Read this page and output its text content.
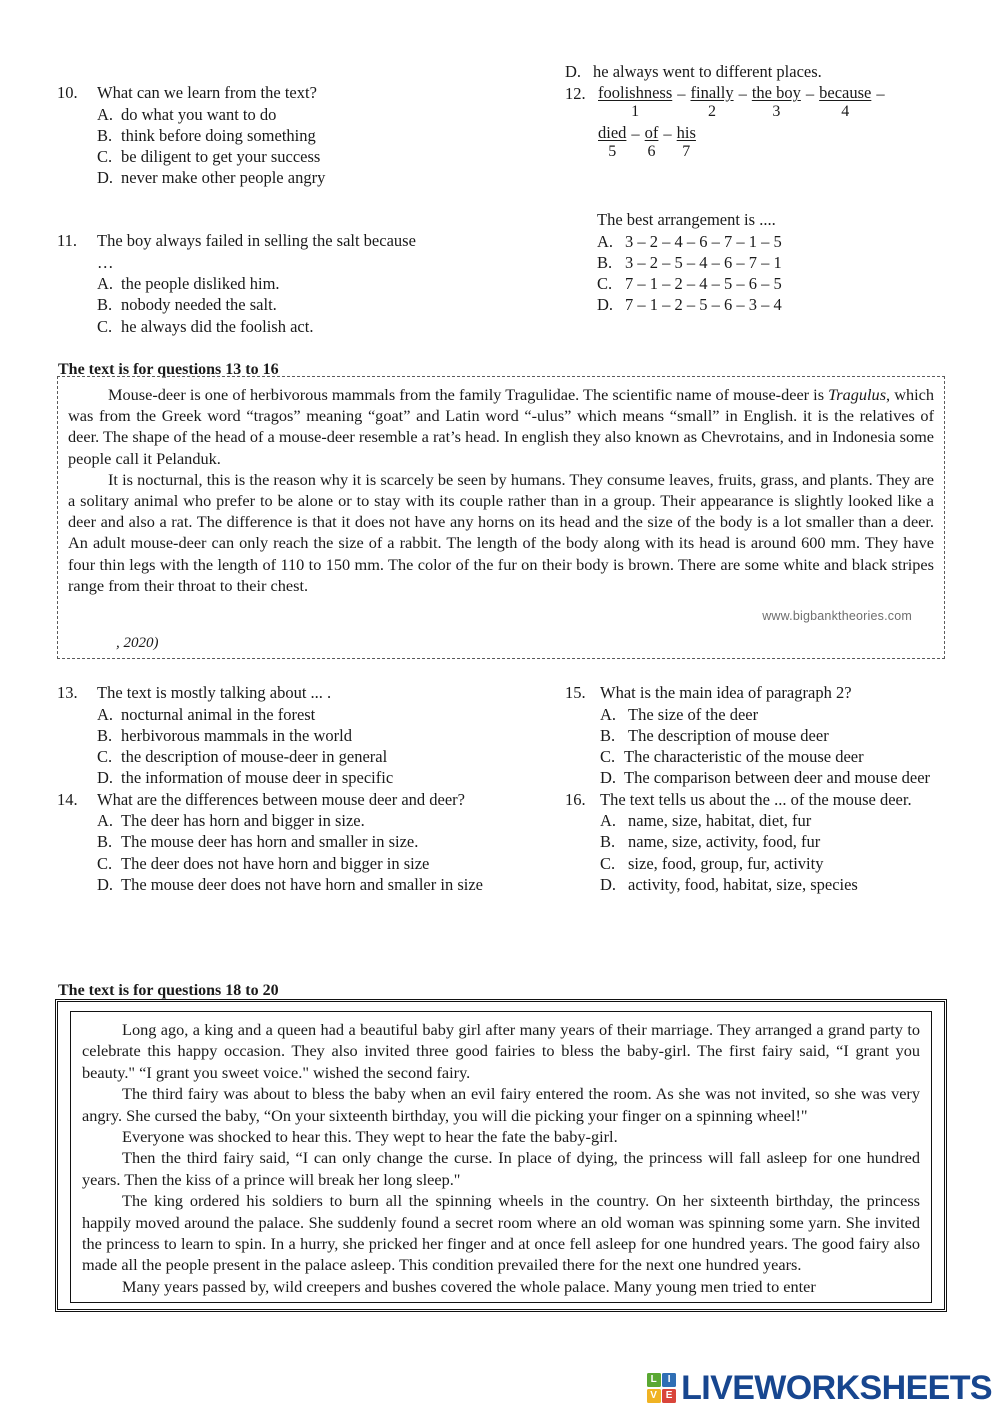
10.	What can we learn from the text?
A. do what you want to do
B. think before doing something
C. be diligent to get your success
D. never make other people angry
11.	The boy always failed in selling the salt because
…
A. the people disliked him.
B. nobody needed the salt.
C. he always did the foolish act.
D. he always went to different places.
12. foolishness
1
– finally
2
– the boy
3
– because
4
–
died
5
– of
6
– his
7
The best arrangement is ....
A. 3 – 2 – 4 – 6 – 7 – 1 – 5
B. 3 – 2 – 5 – 4 – 6 – 7 – 1
C. 7 – 1 – 2 – 4 – 5 – 6 – 5
D. 7 – 1 – 2 – 5 – 6 – 3 – 4
The text is for questions 13 to 16

Mouse-deer is one of herbivorous mammals from the family Tragulidae. The scientific name of mouse-deer is Tragulus, which was from the Greek word “tragos” meaning “goat” and Latin word “-ulus” which means “small” in English. it is the relatives of deer. The shape of the head of a mouse-deer resemble a rat’s head. In english they also known as Chevrotains, and in Indonesia some people call it Pelanduk.

It is nocturnal, this is the reason why it is scarcely be seen by humans. They consume leaves, fruits, grass, and plants. They are a solitary animal who prefer to be alone or to stay with its couple rather than in a group. Their appearance is slightly looked like a deer and also a rat. The difference is that it does not have any horns on its head and the size of the body is a lot smaller than a deer. An adult mouse-deer can only reach the size of a rabbit. The length of the body along with its head is around 600 mm. They have four thin legs with the length of 110 to 150 mm. The color of the fur on their body is brown. There are some white and black stripes range from their throat to their chest.

www.bigbanktheories.com
, 2020)
13.	The text is mostly talking about ... .
A. nocturnal animal in the forest
B. herbivorous mammals in the world
C. the description of mouse-deer in general
D. the information of mouse deer in specific
14.	What are the differences between mouse deer and deer?
A. The deer has horn and bigger in size.
B. The mouse deer has horn and smaller in size.
C. The deer does not have horn and bigger in size
D. The mouse deer does not have horn and smaller in size
15. What is the main idea of paragraph 2?
A. The size of the deer
B. The description of mouse deer
C. The characteristic of the mouse deer
D. The comparison between deer and mouse deer
16. The text tells us about the ... of the mouse deer.
A. name, size, habitat, diet, fur
B. name, size, activity, food, fur
C. size, food, group, fur, activity
D. activity, food, habitat, size, species
The text is for questions 18 to 20

Long ago, a king and a queen had a beautiful baby girl after many years of their marriage. They arranged a grand party to celebrate this happy occasion. They also invited three good fairies to bless the baby-girl. The first fairy said, “I grant you beauty." “I grant you sweet voice." wished the second fairy.

The third fairy was about to bless the baby when an evil fairy entered the room. As she was not invited, so she was very angry. She cursed the baby, “On your sixteenth birthday, you will die picking your finger on a spinning wheel!"

Everyone was shocked to hear this. They wept to hear the fate the baby-girl.

Then the third fairy said, “I can only change the curse. In place of dying, the princess will fall asleep for one hundred years. Then the kiss of a prince will break her long sleep."

The king ordered his soldiers to burn all the spinning wheels in the country. On her sixteenth birthday, the princess happily moved around the palace. She suddenly found a secret room where an old woman was spinning some yarn. She invited the princess to learn to spin. In a hurry, she pricked her finger and at once fell asleep for one hundred years. The good fairy also made all the people present in the palace asleep. This condition prevailed there for the next one hundred years.

Many years passed by, wild creepers and bushes covered the whole palace. Many young men tried to enter

L	I
V E LIVEWORKSHEETS
